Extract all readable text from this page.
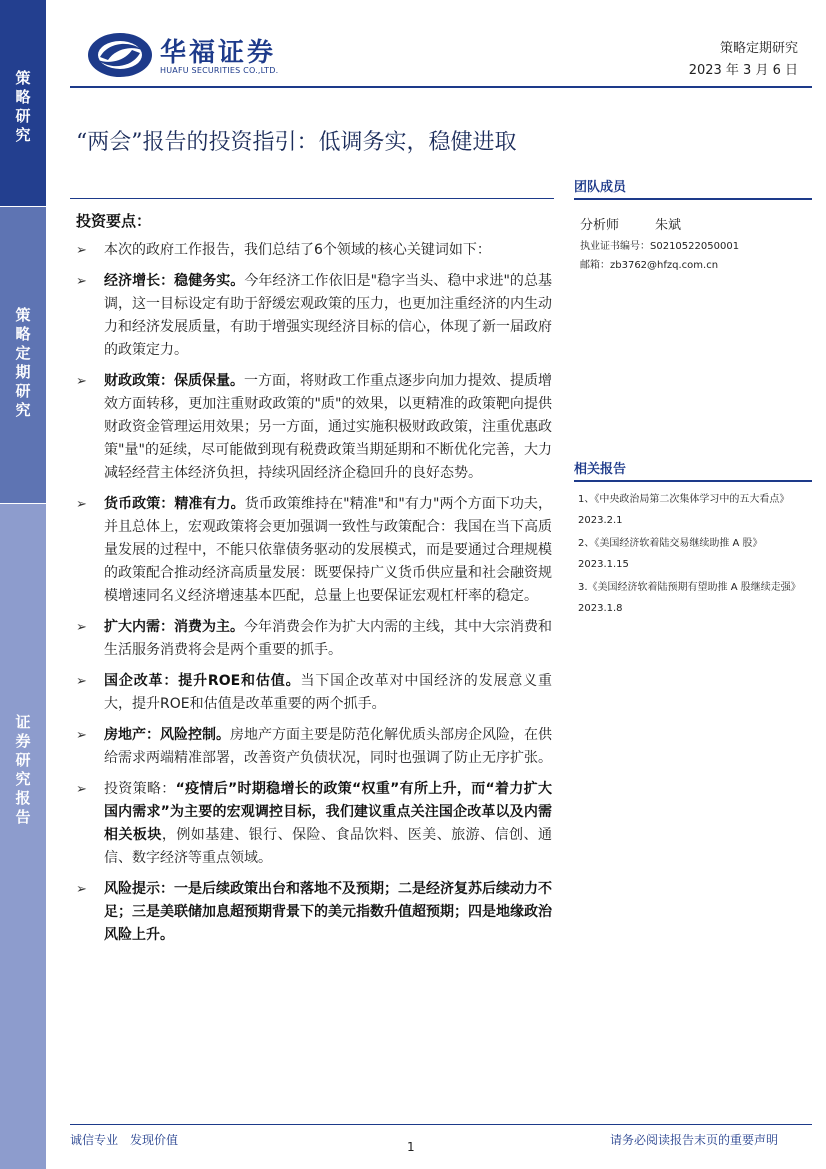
策略研究
策略定期研究
证券研究报告
华福证券
HUAFU SECURITIES CO.,LTD.
策略定期研究
2023 年 3 月 6 日
“两会”报告的投资指引：低调务实，稳健进取
投资要点：
➢ 本次的政府工作报告，我们总结了6个领域的核心关键词如下：
➢ 经济增长：稳健务实。今年经济工作依旧是"稳字当头、稳中求进"的总基调，这一目标设定有助于舒缓宏观政策的压力，也更加注重经济的内生动力和经济发展质量，有助于增强实现经济目标的信心，体现了新一届政府的政策定力。
➢ 财政政策：保质保量。一方面，将财政工作重点逐步向加力提效、提质增效方面转移，更加注重财政政策的"质"的效果，以更精准的政策靶向提供财政资金管理运用效果；另一方面，通过实施积极财政政策，注重优惠政策"量"的延续，尽可能做到现有税费政策当期延期和不断优化完善，大力减轻经营主体经济负担，持续巩固经济企稳回升的良好态势。
➢ 货币政策：精准有力。货币政策维持在"精准"和"有力"两个方面下功夫，并且总体上，宏观政策将会更加强调一致性与政策配合：我国在当下高质量发展的过程中，不能只依靠债务驱动的发展模式，而是要通过合理规模的政策配合推动经济高质量发展：既要保持广义货币供应量和社会融资规模增速同名义经济增速基本匹配，总量上也要保证宏观杠杆率的稳定。
➢ 扩大内需：消费为主。今年消费会作为扩大内需的主线，其中大宗消费和生活服务消费将会是两个重要的抓手。
➢ 国企改革：提升ROE和估值。当下国企改革对中国经济的发展意义重大，提升ROE和估值是改革重要的两个抓手。
➢ 房地产：风险控制。房地产方面主要是防范化解优质头部房企风险，在供给需求两端精准部署，改善资产负债状况，同时也强调了防止无序扩张。
➢ 投资策略：“疫情后”时期稳增长的政策“权重”有所上升，而“着力扩大国内需求”为主要的宏观调控目标，我们建议重点关注国企改革以及内需相关板块，例如基建、银行、保险、食品饮料、医美、旅游、信创、通信、数字经济等重点领域。
➢ 风险提示：一是后续政策出台和落地不及预期；二是经济复苏后续动力不足；三是美联储加息超预期背景下的美元指数升值超预期；四是地缘政治风险上升。
团队成员
分析师	朱斌
执业证书编号：S0210522050001
邮箱：zb3762@hfzq.com.cn
相关报告
1、《中央政治局第二次集体学习中的五大看点》
2023.2.1
2、《美国经济软着陆交易继续助推 A 股》
2023.1.15
3.《美国经济软着陆预期有望助推 A 股继续走强》
2023.1.8
诚信专业　发现价值	1	请务必阅读报告末页的重要声明
